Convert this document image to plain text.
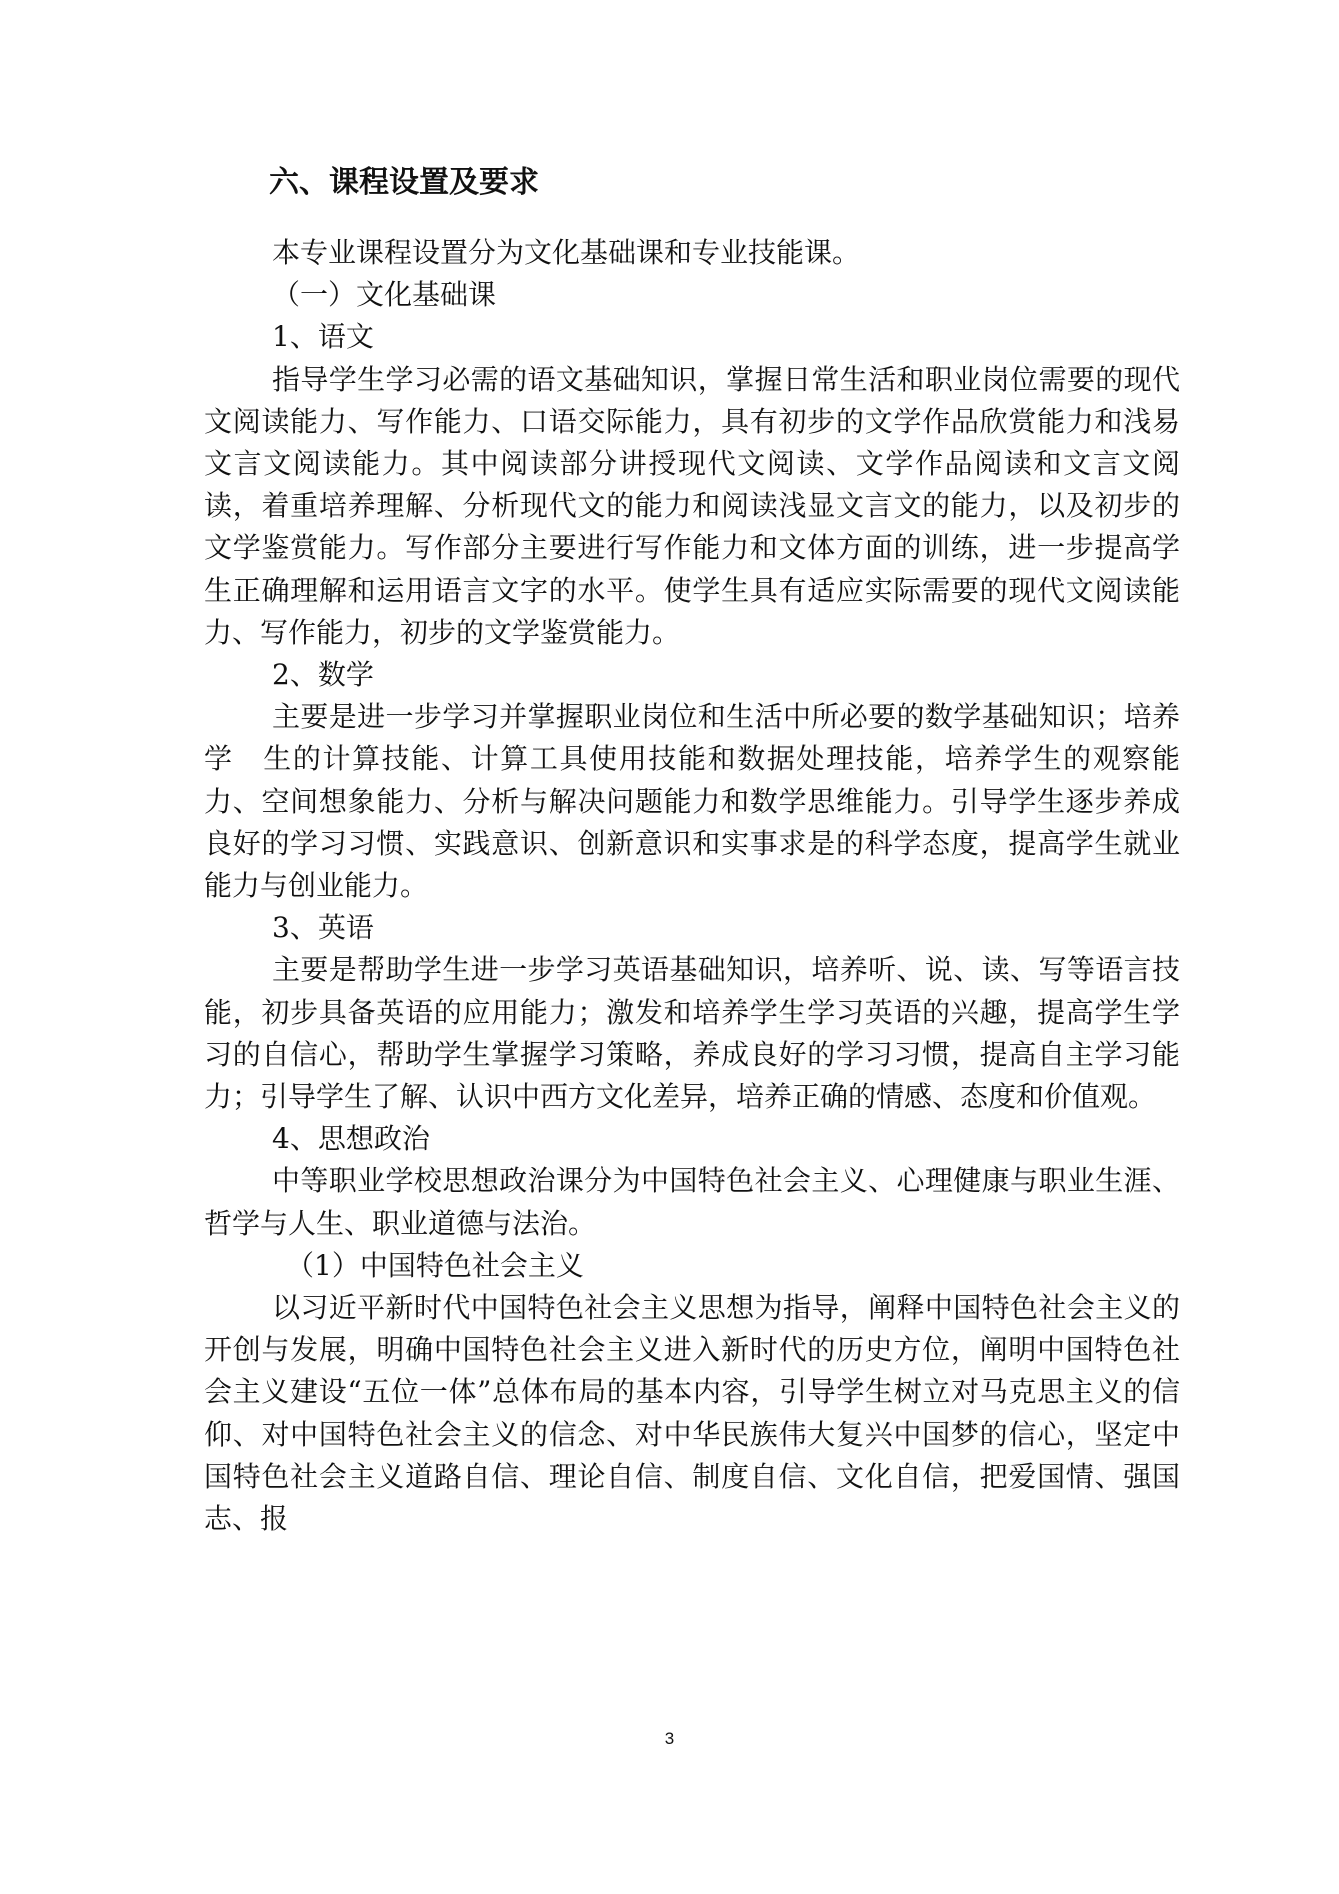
六、课程设置及要求

本专业课程设置分为文化基础课和专业技能课。

（一）文化基础课

1、语文

指导学生学习必需的语文基础知识，掌握日常生活和职业岗位需要的现代文阅读能力、写作能力、口语交际能力，具有初步的文学作品欣赏能力和浅易文言文阅读能力。其中阅读部分讲授现代文阅读、文学作品阅读和文言文阅读，着重培养理解、分析现代文的能力和阅读浅显文言文的能力，以及初步的文学鉴赏能力。写作部分主要进行写作能力和文体方面的训练，进一步提高学生正确理解和运用语言文字的水平。使学生具有适应实际需要的现代文阅读能力、写作能力，初步的文学鉴赏能力。

2、数学

主要是进一步学习并掌握职业岗位和生活中所必要的数学基础知识；培养学　生的计算技能、计算工具使用技能和数据处理技能，培养学生的观察能力、空间想象能力、分析与解决问题能力和数学思维能力。引导学生逐步养成良好的学习习惯、实践意识、创新意识和实事求是的科学态度，提高学生就业能力与创业能力。

3、英语

主要是帮助学生进一步学习英语基础知识，培养听、说、读、写等语言技能，初步具备英语的应用能力；激发和培养学生学习英语的兴趣，提高学生学习的自信心，帮助学生掌握学习策略，养成良好的学习习惯，提高自主学习能力；引导学生了解、认识中西方文化差异，培养正确的情感、态度和价值观。

4、思想政治

中等职业学校思想政治课分为中国特色社会主义、心理健康与职业生涯、哲学与人生、职业道德与法治。

（1）中国特色社会主义

以习近平新时代中国特色社会主义思想为指导，阐释中国特色社会主义的开创与发展，明确中国特色社会主义进入新时代的历史方位，阐明中国特色社会主义建设“五位一体”总体布局的基本内容，引导学生树立对马克思主义的信仰、对中国特色社会主义的信念、对中华民族伟大复兴中国梦的信心，坚定中国特色社会主义道路自信、理论自信、制度自信、文化自信，把爱国情、强国志、报

3
